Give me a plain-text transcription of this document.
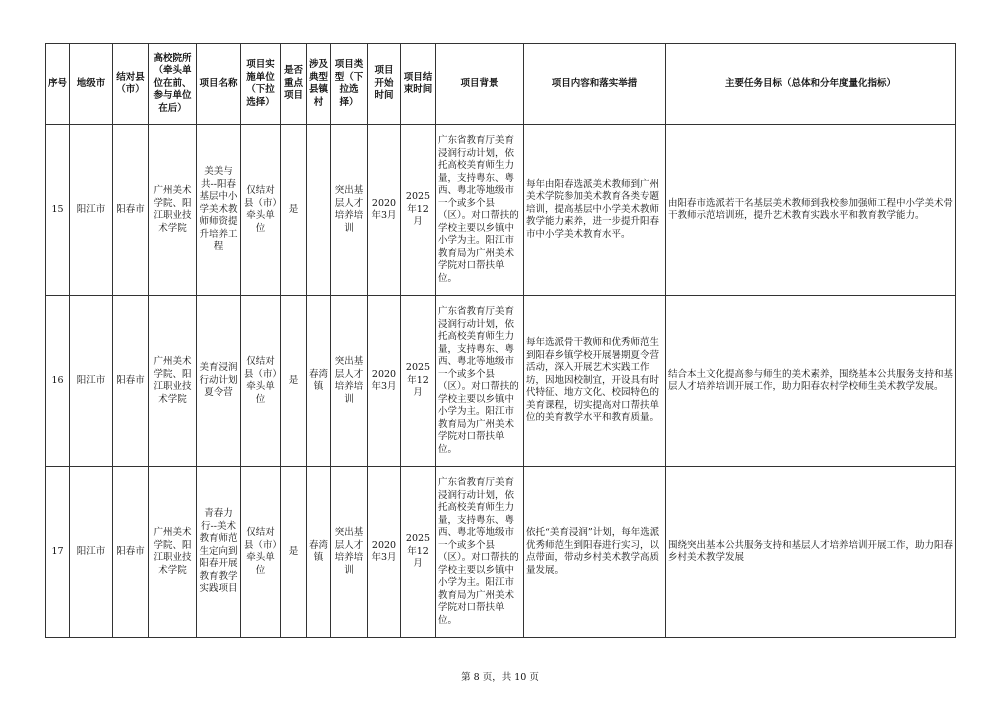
序号	地级市	结对县（市）	高校院所（牵头单位在前、参与单位在后）	项目名称	项目实施单位（下拉选择）	是否重点项目	涉及典型县镇村	项目类型（下拉选择）	项目开始时间	项目结束时间	项目背景	项目内容和落实举措	主要任务目标（总体和分年度量化指标）
15	阳江市	阳春市	广州美术学院、阳江职业技术学院	美美与共--阳春基层中小学美术教师师资提升培养工程	仅结对县（市）牵头单位	是		突出基层人才培养培训	2020年3月	2025年12月	广东省教育厅美育浸润行动计划，依托高校美育师生力量，支持粤东、粤西、粤北等地级市一个或多个县（区）。对口帮扶的学校主要以乡镇中小学为主。阳江市教育局为广州美术学院对口帮扶单位。	每年由阳春选派美术教师到广州美术学院参加美术教育各类专题培训，提高基层中小学美术教师教学能力素养，进一步提升阳春市中小学美术教育水平。	由阳春市选派若干名基层美术教师到我校参加强师工程中小学美术骨干教师示范培训班，提升艺术教育实践水平和教育教学能力。
16	阳江市	阳春市	广州美术学院、阳江职业技术学院	美育浸润行动计划夏令营	仅结对县（市）牵头单位	是	春湾镇	突出基层人才培养培训	2020年3月	2025年12月	广东省教育厅美育浸润行动计划，依托高校美育师生力量，支持粤东、粤西、粤北等地级市一个或多个县（区）。对口帮扶的学校主要以乡镇中小学为主。阳江市教育局为广州美术学院对口帮扶单位。	每年选派骨干教师和优秀师范生到阳春乡镇学校开展暑期夏令营活动，深入开展艺术实践工作坊，因地因校制宜，开设具有时代特征、地方文化、校园特色的美育课程，切实提高对口帮扶单位的美育教学水平和教育质量。	结合本土文化提高参与师生的美术素养，围绕基本公共服务支持和基层人才培养培训开展工作，助力阳春农村学校师生美术教学发展。
17	阳江市	阳春市	广州美术学院、阳江职业技术学院	青春力行--美术教育师范生定向到阳春开展教育教学实践项目	仅结对县（市）牵头单位	是	春湾镇	突出基层人才培养培训	2020年3月	2025年12月	广东省教育厅美育浸润行动计划，依托高校美育师生力量，支持粤东、粤西、粤北等地级市一个或多个县（区）。对口帮扶的学校主要以乡镇中小学为主。阳江市教育局为广州美术学院对口帮扶单位。	依托“美育浸润”计划，每年选派优秀师范生到阳春进行实习，以点带面，带动乡村美术教学高质量发展。	围绕突出基本公共服务支持和基层人才培养培训开展工作，助力阳春乡村美术教学发展
第 8 页，共 10 页
